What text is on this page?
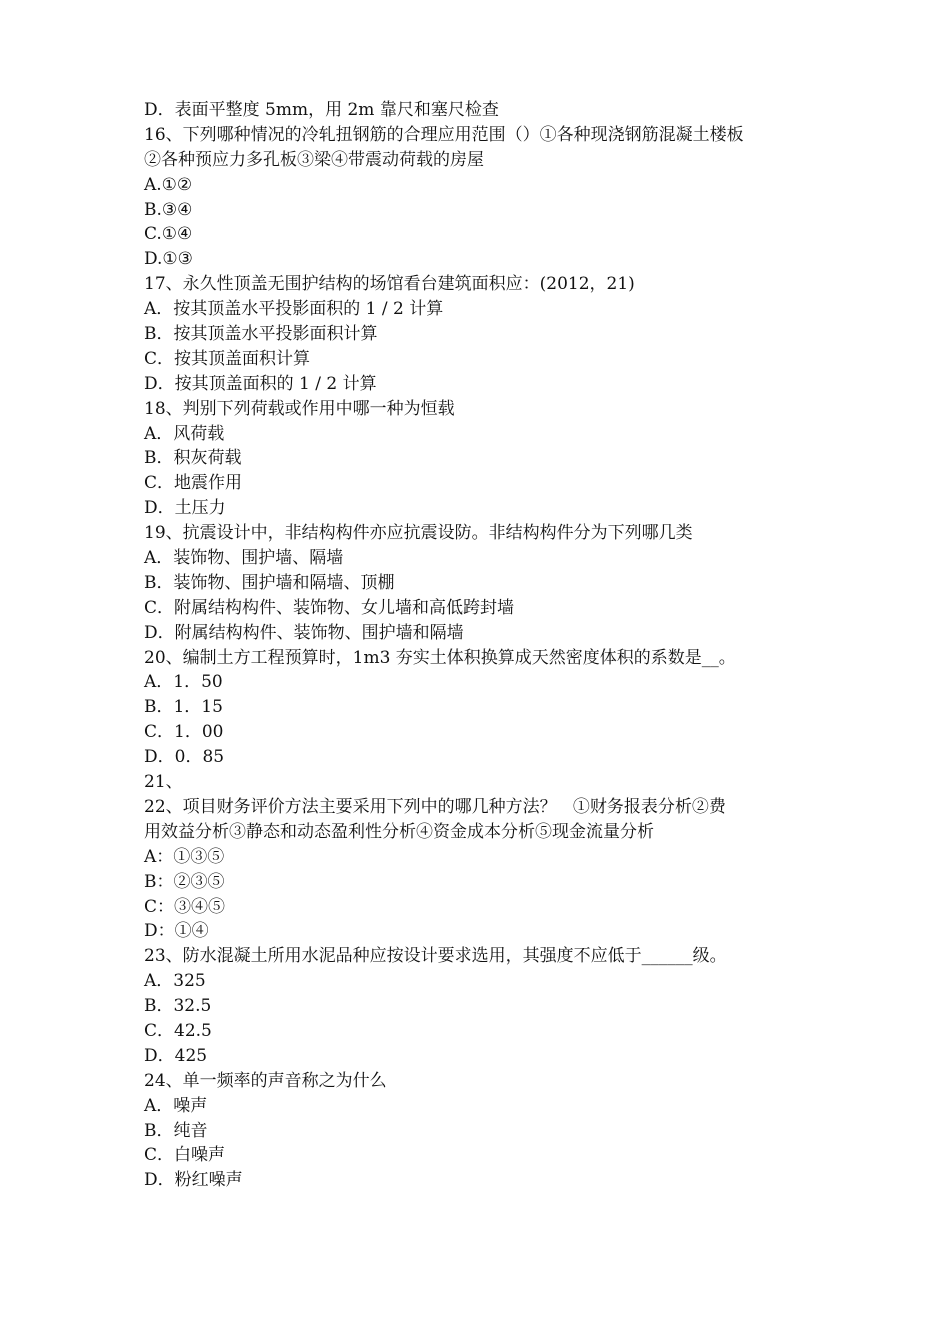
D．表面平整度 5mm，用 2m 靠尺和塞尺检查
16、下列哪种情况的冷轧扭钢筋的合理应用范围（）①各种现浇钢筋混凝土楼板
②各种预应力多孔板③梁④带震动荷载的房屋
A.①②
B.③④
C.①④
D.①③
17、永久性顶盖无围护结构的场馆看台建筑面积应：(2012，21)
A．按其顶盖水平投影面积的 1 / 2 计算
B．按其顶盖水平投影面积计算
C．按其顶盖面积计算
D．按其顶盖面积的 1 / 2 计算
18、判别下列荷载或作用中哪一种为恒载
A．风荷载
B．积灰荷载
C．地震作用
D．土压力
19、抗震设计中，非结构构件亦应抗震设防。非结构构件分为下列哪几类
A．装饰物、围护墙、隔墙
B．装饰物、围护墙和隔墙、顶棚
C．附属结构构件、装饰物、女儿墙和高低跨封墙
D．附属结构构件、装饰物、围护墙和隔墙
20、编制土方工程预算时，1m3 夯实土体积换算成天然密度体积的系数是__。
A．1．50
B．1．15
C．1．00
D．0．85
21、
22、项目财务评价方法主要采用下列中的哪几种方法？   ①财务报表分析②费
用效益分析③静态和动态盈利性分析④资金成本分析⑤现金流量分析
A：①③⑤
B：②③⑤
C：③④⑤
D：①④
23、防水混凝土所用水泥品种应按设计要求选用，其强度不应低于______级。
A．325
B．32.5
C．42.5
D．425
24、单一频率的声音称之为什么
A．噪声
B．纯音
C．白噪声
D．粉红噪声
